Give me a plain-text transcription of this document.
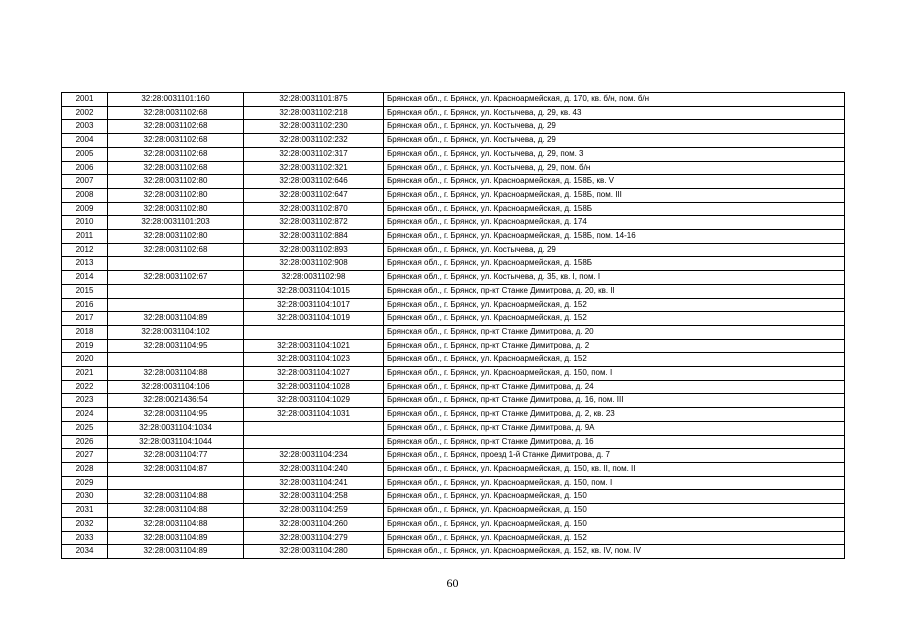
2001	32:28:0031101:160	32:28:0031101:875	Брянская обл., г. Брянск, ул. Красноармейская, д. 170, кв. б/н, пом. б/н
2002	32:28:0031102:68	32:28:0031102:218	Брянская обл., г. Брянск, ул. Костычева, д. 29, кв. 43
2003	32:28:0031102:68	32:28:0031102:230	Брянская обл., г. Брянск, ул. Костычева, д. 29
2004	32:28:0031102:68	32:28:0031102:232	Брянская обл., г. Брянск, ул. Костычева, д. 29
2005	32:28:0031102:68	32:28:0031102:317	Брянская обл., г. Брянск, ул. Костычева, д. 29, пом. 3
2006	32:28:0031102:68	32:28:0031102:321	Брянская обл., г. Брянск, ул. Костычева, д. 29, пом. б/н
2007	32:28:0031102:80	32:28:0031102:646	Брянская обл., г. Брянск, ул. Красноармейская, д. 158Б, кв. V
2008	32:28:0031102:80	32:28:0031102:647	Брянская обл., г. Брянск, ул. Красноармейская, д. 158Б, пом. III
2009	32:28:0031102:80	32:28:0031102:870	Брянская обл., г. Брянск, ул. Красноармейская, д. 158Б
2010	32:28:0031101:203	32:28:0031102:872	Брянская обл., г. Брянск, ул. Красноармейская, д. 174
2011	32:28:0031102:80	32:28:0031102:884	Брянская обл., г. Брянск, ул. Красноармейская, д. 158Б, пом. 14-16
2012	32:28:0031102:68	32:28:0031102:893	Брянская обл., г. Брянск, ул. Костычева, д. 29
2013		32:28:0031102:908	Брянская обл., г. Брянск, ул. Красноармейская, д. 158Б
2014	32:28:0031102:67	32:28:0031102:98	Брянская обл., г. Брянск, ул. Костычева, д. 35, кв. I, пом. I
2015		32:28:0031104:1015	Брянская обл., г. Брянск, пр-кт Станке Димитрова, д. 20, кв. II
2016		32:28:0031104:1017	Брянская обл., г. Брянск, ул. Красноармейская, д. 152
2017	32:28:0031104:89	32:28:0031104:1019	Брянская обл., г. Брянск, ул. Красноармейская, д. 152
2018	32:28:0031104:102		Брянская обл., г. Брянск, пр-кт Станке Димитрова, д. 20
2019	32:28:0031104:95	32:28:0031104:1021	Брянская обл., г. Брянск, пр-кт Станке Димитрова, д. 2
2020		32:28:0031104:1023	Брянская обл., г. Брянск, ул. Красноармейская, д. 152
2021	32:28:0031104:88	32:28:0031104:1027	Брянская обл., г. Брянск, ул. Красноармейская, д. 150, пом. I
2022	32:28:0031104:106	32:28:0031104:1028	Брянская обл., г. Брянск, пр-кт Станке Димитрова, д. 24
2023	32:28:0021436:54	32:28:0031104:1029	Брянская обл., г. Брянск, пр-кт Станке Димитрова, д. 16, пом. III
2024	32:28:0031104:95	32:28:0031104:1031	Брянская обл., г. Брянск, пр-кт Станке Димитрова, д. 2, кв. 23
2025	32:28:0031104:1034		Брянская обл., г. Брянск, пр-кт Станке Димитрова, д. 9А
2026	32:28:0031104:1044		Брянская обл., г. Брянск, пр-кт Станке Димитрова, д. 16
2027	32:28:0031104:77	32:28:0031104:234	Брянская обл., г. Брянск, проезд 1-й Станке Димитрова, д. 7
2028	32:28:0031104:87	32:28:0031104:240	Брянская обл., г. Брянск, ул. Красноармейская, д. 150, кв. II, пом. II
2029		32:28:0031104:241	Брянская обл., г. Брянск, ул. Красноармейская, д. 150, пом. I
2030	32:28:0031104:88	32:28:0031104:258	Брянская обл., г. Брянск, ул. Красноармейская, д. 150
2031	32:28:0031104:88	32:28:0031104:259	Брянская обл., г. Брянск, ул. Красноармейская, д. 150
2032	32:28:0031104:88	32:28:0031104:260	Брянская обл., г. Брянск, ул. Красноармейская, д. 150
2033	32:28:0031104:89	32:28:0031104:279	Брянская обл., г. Брянск, ул. Красноармейская, д. 152
2034	32:28:0031104:89	32:28:0031104:280	Брянская обл., г. Брянск, ул. Красноармейская, д. 152, кв. IV, пом. IV
60
